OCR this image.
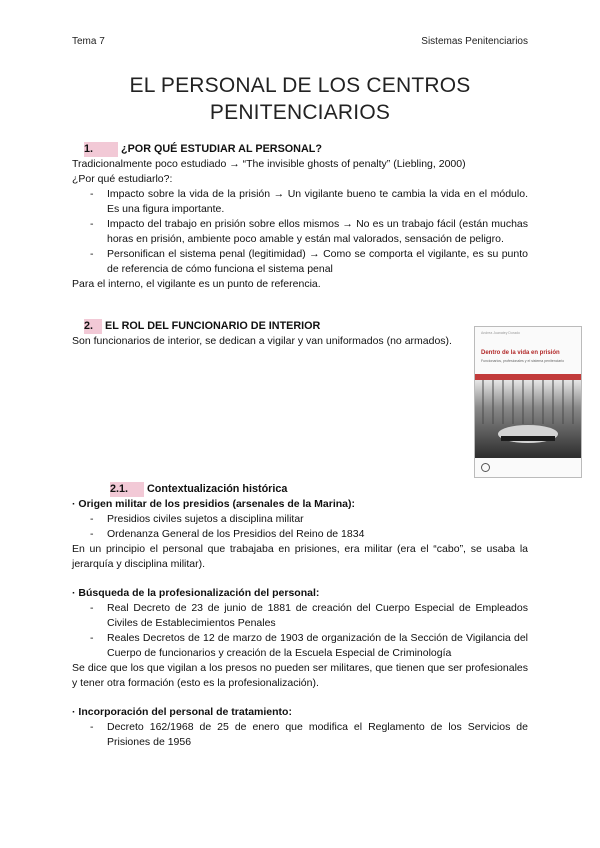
Tema 7	Sistemas Penitenciarios
EL PERSONAL DE LOS CENTROS
PENITENCIARIOS

1.	¿POR QUÉ ESTUDIAR AL PERSONAL?

Tradicionalmente poco estudiado → “The invisible ghosts of penalty” (Liebling, 2000)

¿Por qué estudiarlo?:

- Impacto sobre la vida de la prisión → Un vigilante bueno te cambia la vida en el módulo. Es una figura importante.

- Impacto del trabajo en prisión sobre ellos mismos → No es un trabajo fácil (están muchas horas en prisión, ambiente poco amable y están mal valorados, sensación de peligro.

- Personifican el sistema penal (legitimidad) → Como se comporta el vigilante, es su punto de referencia de cómo funciona el sistema penal

Para el interno, el vigilante es un punto de referencia.

2. EL ROL DEL FUNCIONARIO DE INTERIOR

Son funcionarios de interior, se dedican a vigilar y van uniformados (no armados).

Andrea Juanatey Dorado
Dentro de la vida en prisión
Funcionarios, profesionales y el sistema penitenciario

2.1. Contextualización histórica

· Origen militar de los presidios (arsenales de la Marina):

- Presidios civiles sujetos a disciplina militar

- Ordenanza General de los Presidios del Reino de 1834

En un principio el personal que trabajaba en prisiones, era militar (era el “cabo”, se usaba la jerarquía y disciplina militar).

· Búsqueda de la profesionalización del personal:

- Real Decreto de 23 de junio de 1881 de creación del Cuerpo Especial de Empleados Civiles de Establecimientos Penales

- Reales Decretos de 12 de marzo de 1903 de organización de la Sección de Vigilancia del Cuerpo de funcionarios y creación de la Escuela Especial de Criminología

Se dice que los que vigilan a los presos no pueden ser militares, que tienen que ser profesionales y tener otra formación (esto es la profesionalización).

· Incorporación del personal de tratamiento:

- Decreto 162/1968 de 25 de enero que modifica el Reglamento de los Servicios de Prisiones de 1956
